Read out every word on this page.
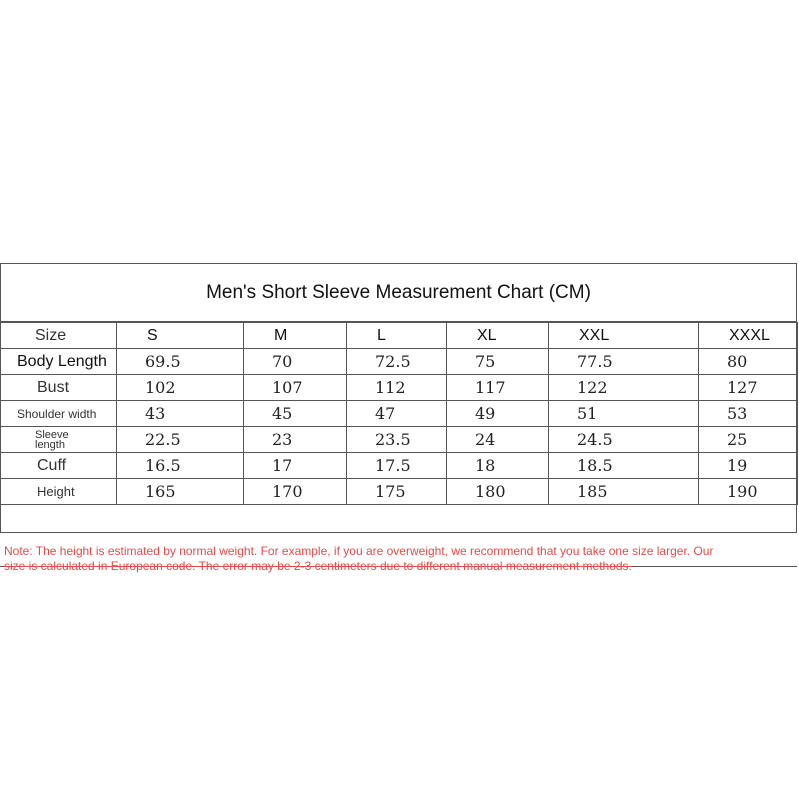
Men's Short Sleeve Measurement Chart (CM)
Size	S	M	L	XL	XXL	XXXL
Body Length	69.5	70	72.5	75	77.5	80
Bust	102	107	112	117	122	127
Shoulder width	43	45	47	49	51	53

Sleeve
length	22.5	23	23.5	24	24.5	25
Cuff	16.5	17	17.5	18	18.5	19
Height	165	170	175	180	185	190
Note: The height is estimated by normal weight. For example, if you are overweight, we recommend that you take one size larger. Our
size is calculated in European code. The error may be 2-3 centimeters due to different manual measurement methods.
